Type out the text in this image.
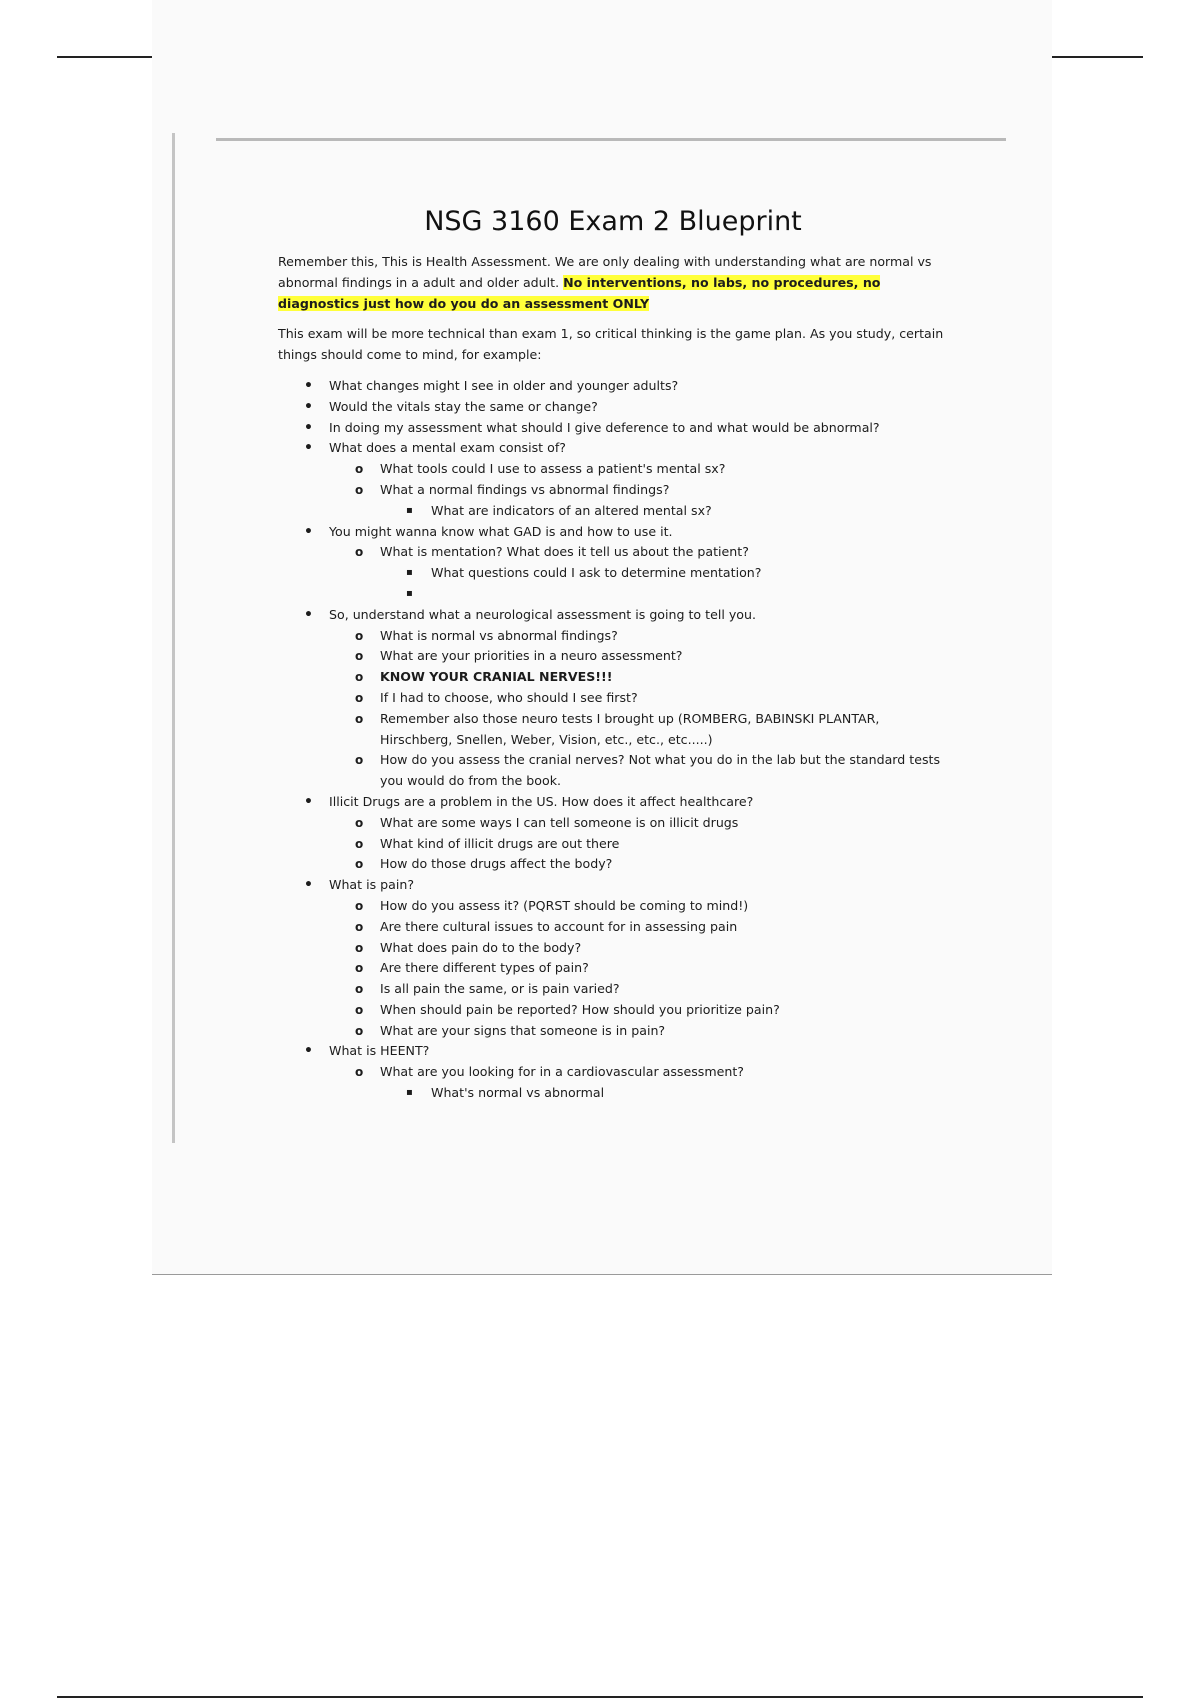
NSG 3160 Exam 2 Blueprint

Remember this, This is Health Assessment. We are only dealing with understanding what are normal vs abnormal findings in a adult and older adult. No interventions, no labs, no procedures, no diagnostics just how do you do an assessment ONLY

This exam will be more technical than exam 1, so critical thinking is the game plan. As you study, certain things should come to mind, for example:

• What changes might I see in older and younger adults?
• Would the vitals stay the same or change?
• In doing my assessment what should I give deference to and what would be abnormal?
• What does a mental exam consist of?
o What tools could I use to assess a patient's mental sx?
o What a normal findings vs abnormal findings?
▪ What are indicators of an altered mental sx?
• You might wanna know what GAD is and how to use it.
o What is mentation? What does it tell us about the patient?
▪ What questions could I ask to determine mentation?
▪
• So, understand what a neurological assessment is going to tell you.
o What is normal vs abnormal findings?
o What are your priorities in a neuro assessment?
o KNOW YOUR CRANIAL NERVES!!!
o If I had to choose, who should I see first?
o Remember also those neuro tests I brought up (ROMBERG, BABINSKI PLANTAR, Hirschberg, Snellen, Weber, Vision, etc., etc., etc.....)
o How do you assess the cranial nerves? Not what you do in the lab but the standard tests you would do from the book.
• Illicit Drugs are a problem in the US. How does it affect healthcare?
o What are some ways I can tell someone is on illicit drugs
o What kind of illicit drugs are out there
o How do those drugs affect the body?
• What is pain?
o How do you assess it? (PQRST should be coming to mind!)
o Are there cultural issues to account for in assessing pain
o What does pain do to the body?
o Are there different types of pain?
o Is all pain the same, or is pain varied?
o When should pain be reported? How should you prioritize pain?
o What are your signs that someone is in pain?
• What is HEENT?
o What are you looking for in a cardiovascular assessment?
▪ What's normal vs abnormal
